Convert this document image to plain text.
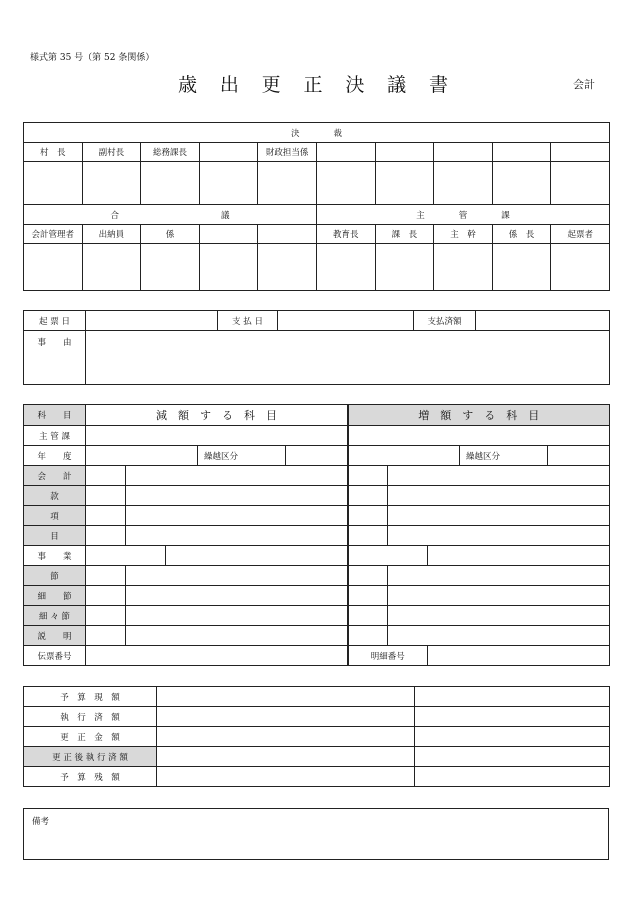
様式第 35 号（第 52 条関係）
歳 出 更 正 決 議 書	会計
決　　　　裁									
村　長	副村長	総務課長		財政担当係					

合　　　　　　　　　　　　議					主　　　　管　　　　課				
会計管理者	出納員	係			教育長	課　長	主　幹	係　長	起票者

起 票 日		支 払 日		支払済額	
事　　由					
科　　目	減　額　す　る　科　目					増　額　す　る　科　目				
主 管 課										
年　　度				繰越区分					繰越区分	
会　　計										
款										
項										
目										
事　　業										
節										
細　　節										
細 々 節										
説　　明										
伝票番号						明細番号				
予　算　現　額		
執　行　済　額		
更　正　金　額		
更 正 後 執 行 済 額		
予　算　残　額		
備考
